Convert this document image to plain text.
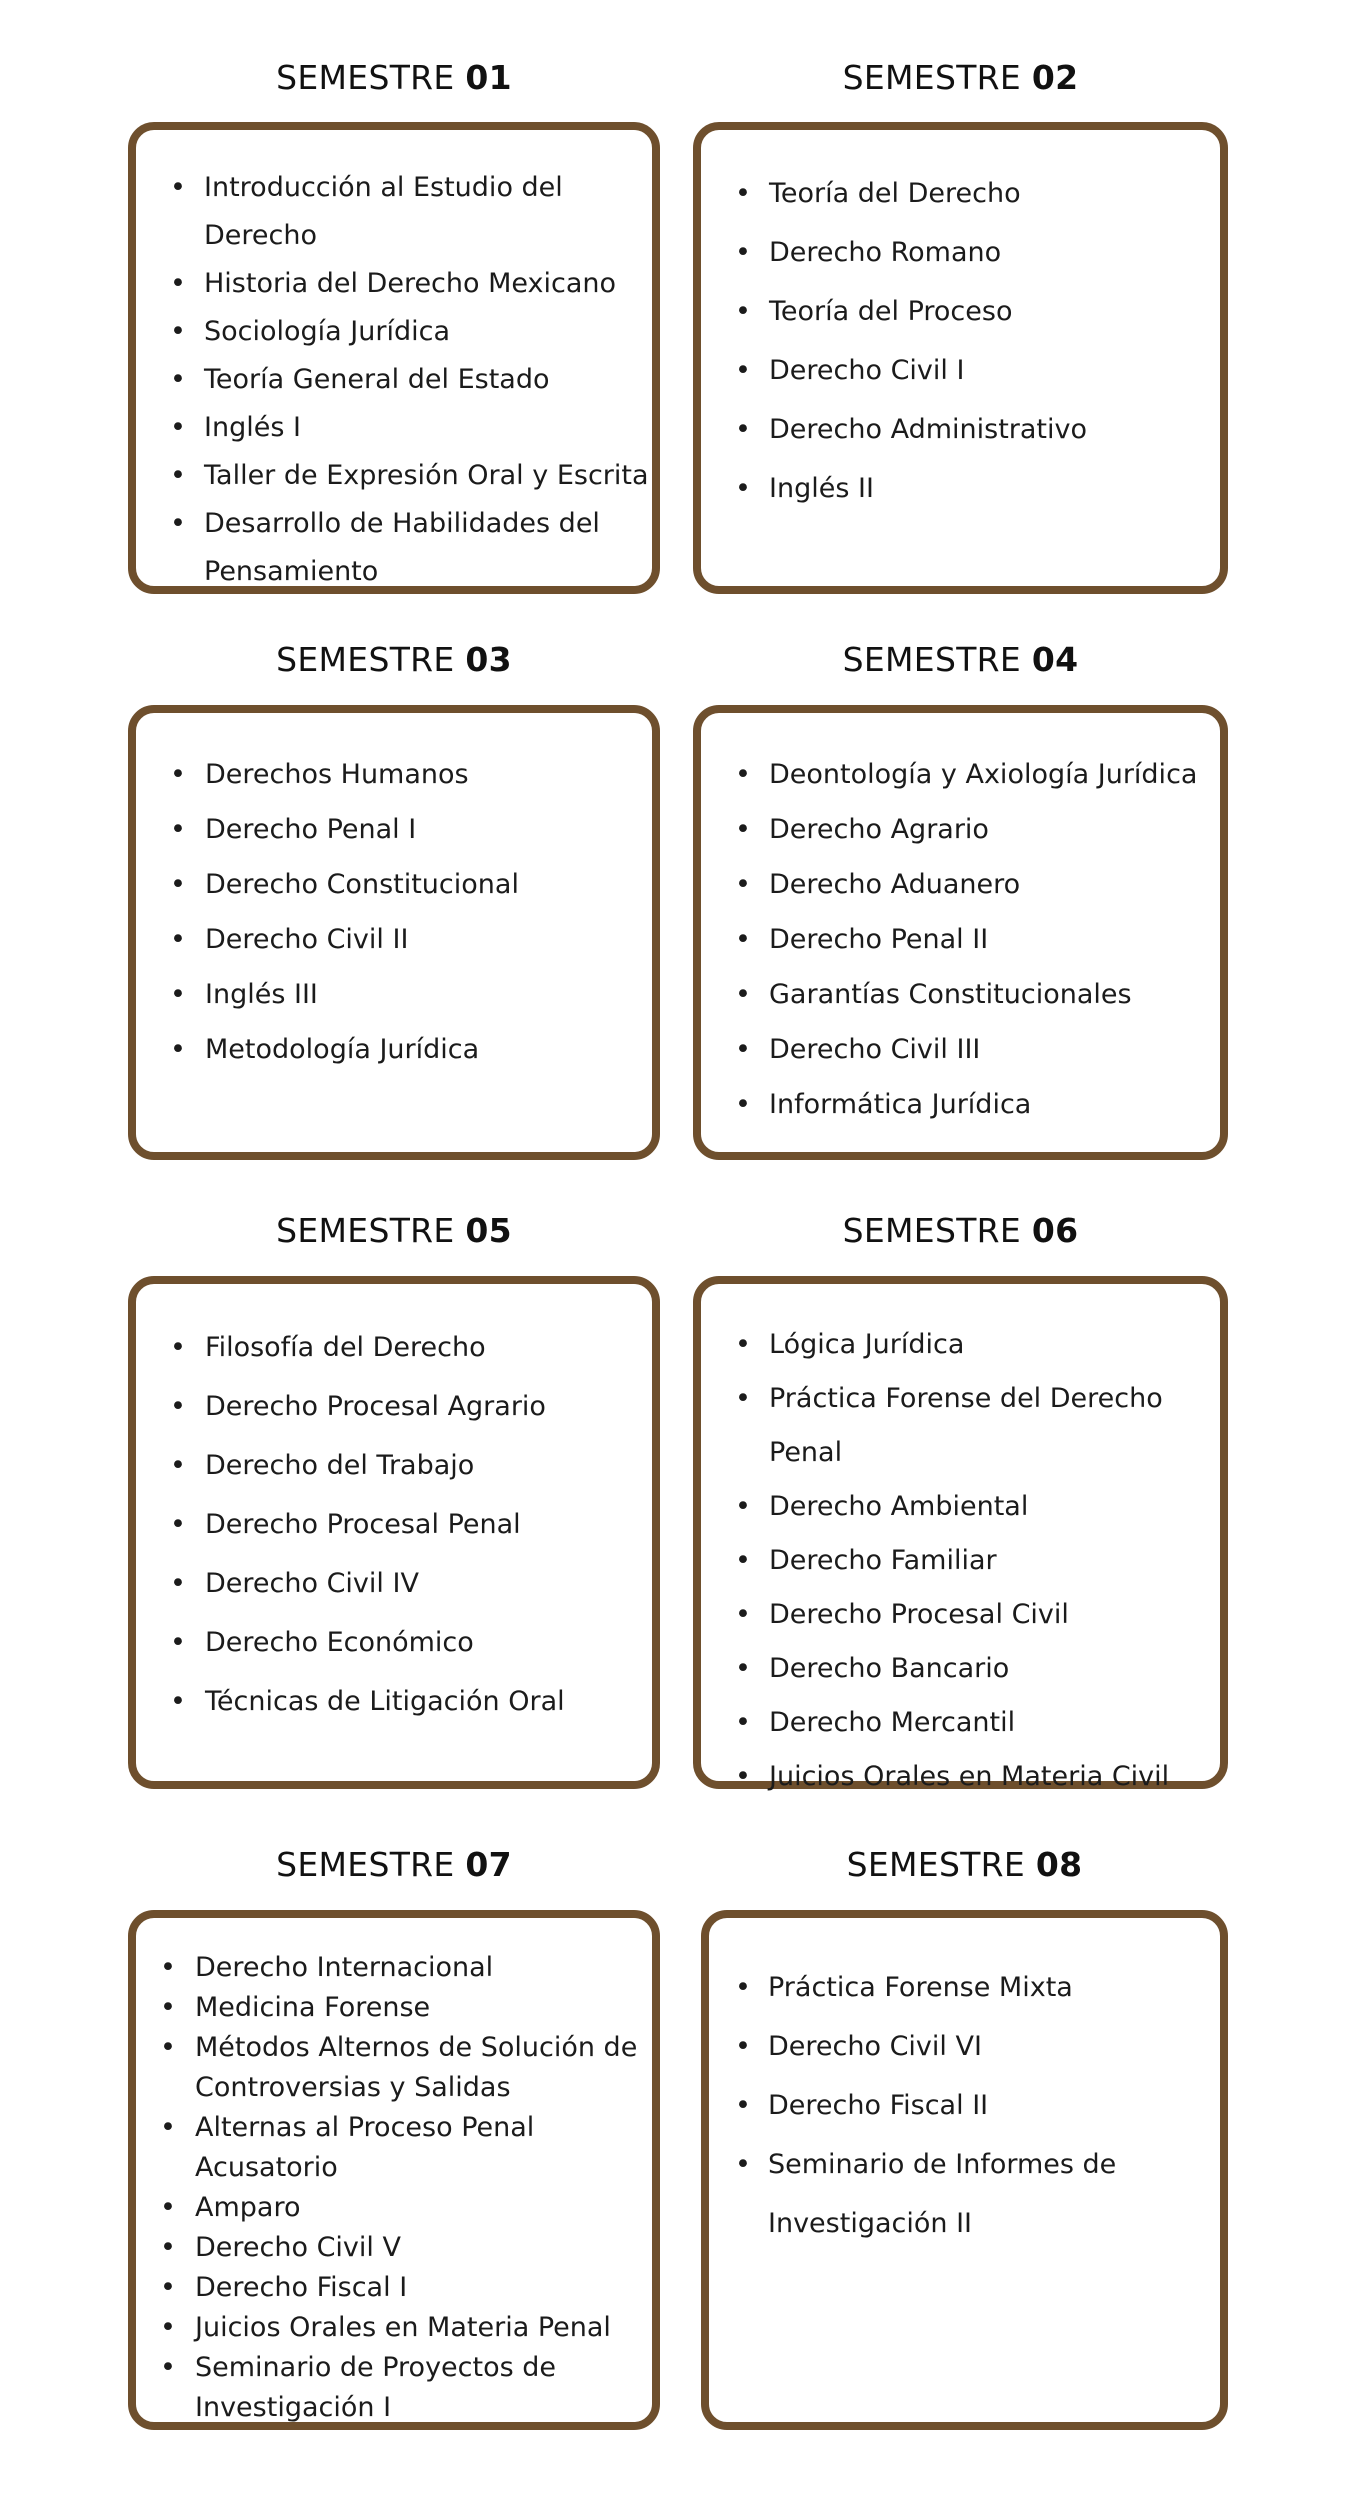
SEMESTRE 01
• Introducción al Estudio del
Derecho
• Historia del Derecho Mexicano
• Sociología Jurídica
• Teoría General del Estado
• Inglés I
• Taller de Expresión Oral y Escrita
• Desarrollo de Habilidades del
Pensamiento
SEMESTRE 02
• Teoría del Derecho
• Derecho Romano
• Teoría del Proceso
• Derecho Civil I
• Derecho Administrativo
• Inglés II
SEMESTRE 03
• Derechos Humanos
• Derecho Penal I
• Derecho Constitucional
• Derecho Civil II
• Inglés III
• Metodología Jurídica
SEMESTRE 04
• Deontología y Axiología Jurídica
• Derecho Agrario
• Derecho Aduanero
• Derecho Penal II
• Garantías Constitucionales
• Derecho Civil III
• Informática Jurídica
SEMESTRE 05
• Filosofía del Derecho
• Derecho Procesal Agrario
• Derecho del Trabajo
• Derecho Procesal Penal
• Derecho Civil IV
• Derecho Económico
• Técnicas de Litigación Oral
SEMESTRE 06
• Lógica Jurídica
• Práctica Forense del Derecho
Penal
• Derecho Ambiental
• Derecho Familiar
• Derecho Procesal Civil
• Derecho Bancario
• Derecho Mercantil
• Juicios Orales en Materia Civil
SEMESTRE 07
• Derecho Internacional
• Medicina Forense
• Métodos Alternos de Solución de
Controversias y Salidas
• Alternas al Proceso Penal
Acusatorio
• Amparo
• Derecho Civil V
• Derecho Fiscal I
• Juicios Orales en Materia Penal
• Seminario de Proyectos de
Investigación I
SEMESTRE 08
• Práctica Forense Mixta
• Derecho Civil VI
• Derecho Fiscal II
• Seminario de Informes de
Investigación II
